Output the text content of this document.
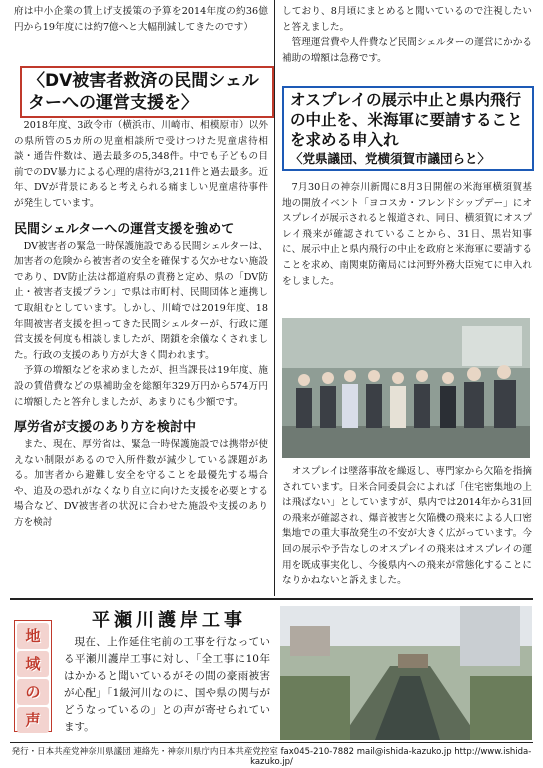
府は中小企業の賃上げ支援策の予算を2014年度の約36億円から19年度には約7億へと大幅削減してきたのです）

〈DV被害者救済の民間シェルターへの運営支援を〉

2018年度、3政令市（横浜市、川崎市、相模原市）以外の県所管の5カ所の児童相談所で受けつけた児童虐待相談・通告件数は、過去最多の5,348件。中でも子どもの目前でのDV暴力による心理的虐待が3,211件と過去最多。近年、DVが背景にあると考えられる痛ましい児童虐待事件が発生しています。

民間シェルターへの運営支援を強めて

DV被害者の緊急一時保護施設である民間シェルターは、加害者の危険から被害者の安全を確保する欠かせない施設であり、DV防止法は都道府県の責務と定め、県の「DV防止・被害者支援プラン」で県は市町村、民間団体と連携して取組むとしています。しかし、川崎では2019年度、18年間被害者支援を担ってきた民間シェルターが、行政に運営支援を何度も相談しましたが、閉鎖を余儀なくされました。行政の支援のあり方が大きく問われます。

予算の増額などを求めましたが、担当課長は19年度、施設の賃借費などの県補助金を総額年329万円から574万円に増額したと答弁しましたが、あまりにも少額です。

厚労省が支援のあり方を検討中

また、現在、厚労省は、緊急一時保護施設では携帯が使えない制限があるので入所件数が減少している課題がある。加害者から避難し安全を守ることを最優先する場合や、追及の恐れがなくなり自立に向けた支援を必要とする場合など、DV被害者の状況に合わせた施設や支援のあり方を検討

しており、8月頃にまとめると聞いているので注視したいと答えました。

管理運営費や人件費など民間シェルターの運営にかかる補助の増額は急務です。

オスプレイの展示中止と県内飛行の中止を、米海軍に要請することを求める申入れ
〈党県議団、党横須賀市議団らと〉

7月30日の神奈川新聞に8月3日開催の米海軍横須賀基地の開放イベント「ヨコスカ・フレンドシップデー」にオスプレイが展示されると報道され、同日、横須賀にオスプレイ飛来が確認されていることから、31日、黒岩知事に、展示中止と県内飛行の中止を政府と米海軍に要請することを求め、南関東防衛局には河野外務大臣宛てに申入れをしました。

オスプレイは墜落事故を繰返し、専門家から欠陥を指摘されています。日米合同委員会によれば「住宅密集地の上は飛ばない」としていますが、県内では2014年から31回の飛来が確認され、爆音被害と欠陥機の飛来による人口密集地での重大事故発生の不安が大きく広がっています。今回の展示や予告なしのオスプレイの飛来はオスプレイの運用を既成事実化し、今後県内への飛来が常態化することになりかねないと訴えました。

地
域
の
声
平瀬川護岸工事

現在、上作延住宅前の工事を行なっている平瀬川護岸工事に対し、「全工事に10年はかかると聞いているがその間の豪雨被害が心配」「1級河川なのに、国や県の関与がどうなっているの」との声が寄せられています。

発行・日本共産党神奈川県議団 連絡先・神奈川県庁内日本共産党控室 fax045-210-7882 mail@ishida-kazuko.jp http://www.ishida-kazuko.jp/
